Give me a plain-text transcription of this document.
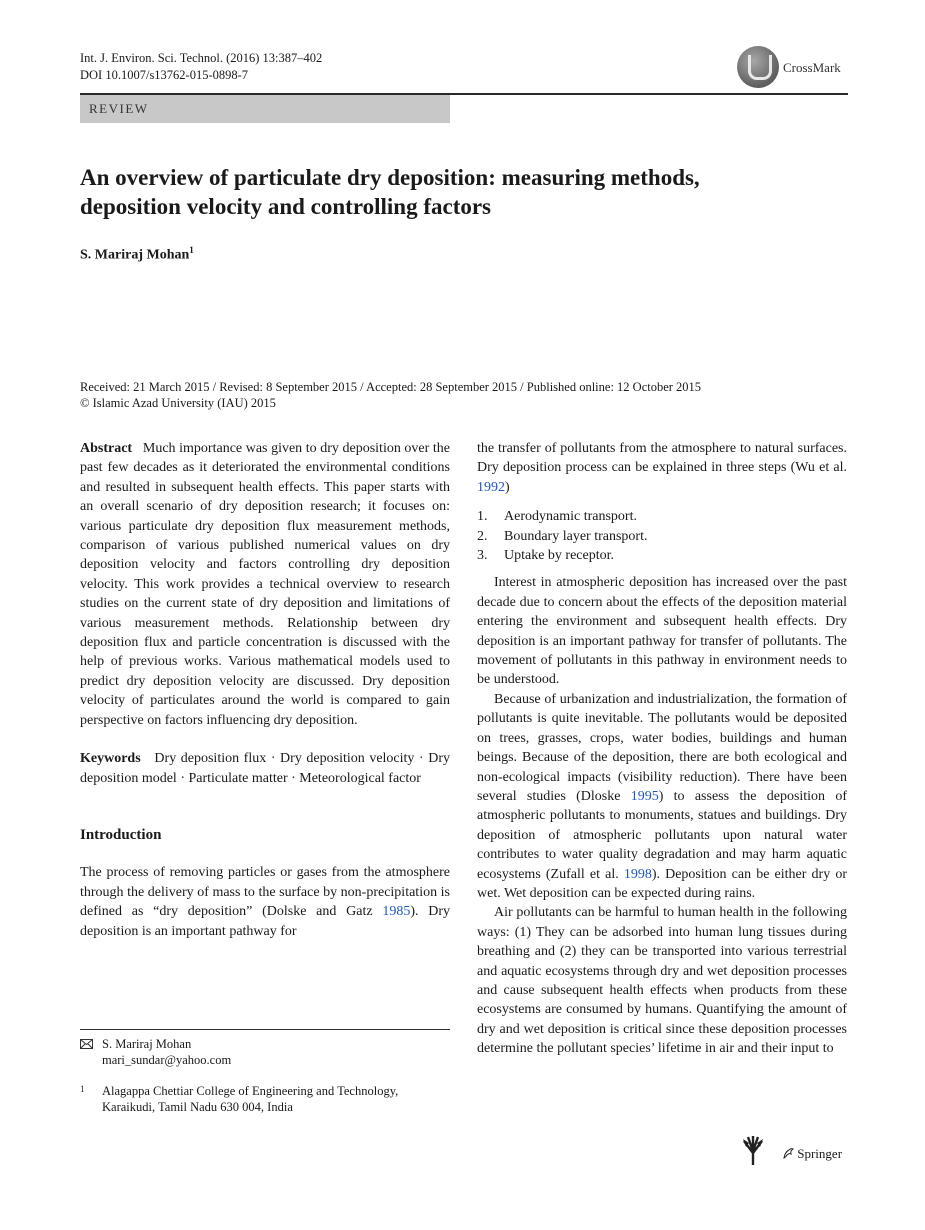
Int. J. Environ. Sci. Technol. (2016) 13:387–402
DOI 10.1007/s13762-015-0898-7	CrossMark
REVIEW
An overview of particulate dry deposition: measuring methods,
deposition velocity and controlling factors
S. Mariraj Mohan$^1$
Received: 21 March 2015 / Revised: 8 September 2015 / Accepted: 28 September 2015 / Published online: 12 October 2015
© Islamic Azad University (IAU) 2015

Abstract Much importance was given to dry deposition over the past few decades as it deteriorated the environmental conditions and resulted in subsequent health effects. This paper starts with an overall scenario of dry deposition research; it focuses on: various particulate dry deposition flux measurement methods, comparison of various published numerical values on dry deposition velocity and factors controlling dry deposition velocity. This work provides a technical overview to research studies on the current state of dry deposition and limitations of various measurement methods. Relationship between dry deposition flux and particle concentration is discussed with the help of previous works. Various mathematical models used to predict dry deposition velocity are discussed. Dry deposition velocity of particulates around the world is compared to gain perspective on factors influencing dry deposition.

Keywords Dry deposition flux · Dry deposition velocity · Dry deposition model · Particulate matter · Meteorological factor

Introduction

The process of removing particles or gases from the atmosphere through the delivery of mass to the surface by non-precipitation is defined as “dry deposition” (Dolske and Gatz 1985). Dry deposition is an important pathway for

S. Mariraj Mohan
mari_sundar@yahoo.com
1	Alagappa Chettiar College of Engineering and Technology,
Karaikudi, Tamil Nadu 630 004, India

the transfer of pollutants from the atmosphere to natural surfaces. Dry deposition process can be explained in three steps (Wu et al. 1992)

1.	Aerodynamic transport.
2.	Boundary layer transport.
3.	Uptake by receptor.

Interest in atmospheric deposition has increased over the past decade due to concern about the effects of the deposition material entering the environment and subsequent health effects. Dry deposition is an important pathway for transfer of pollutants. The movement of pollutants in this pathway in environment needs to be understood.

Because of urbanization and industrialization, the formation of pollutants is quite inevitable. The pollutants would be deposited on trees, grasses, crops, water bodies, buildings and human beings. Because of the deposition, there are both ecological and non-ecological impacts (visibility reduction). There have been several studies (Dloske 1995) to assess the deposition of atmospheric pollutants to monuments, statues and buildings. Dry deposition of atmospheric pollutants upon natural water contributes to water quality degradation and may harm aquatic ecosystems (Zufall et al. 1998). Deposition can be either dry or wet. Wet deposition can be expected during rains.

Air pollutants can be harmful to human health in the following ways: (1) They can be adsorbed into human lung tissues during breathing and (2) they can be transported into various terrestrial and aquatic ecosystems through dry and wet deposition processes and cause subsequent health effects when products from these ecosystems are consumed by humans. Quantifying the amount of dry and wet deposition is critical since these deposition processes determine the pollutant species’ lifetime in air and their input to

Springer
